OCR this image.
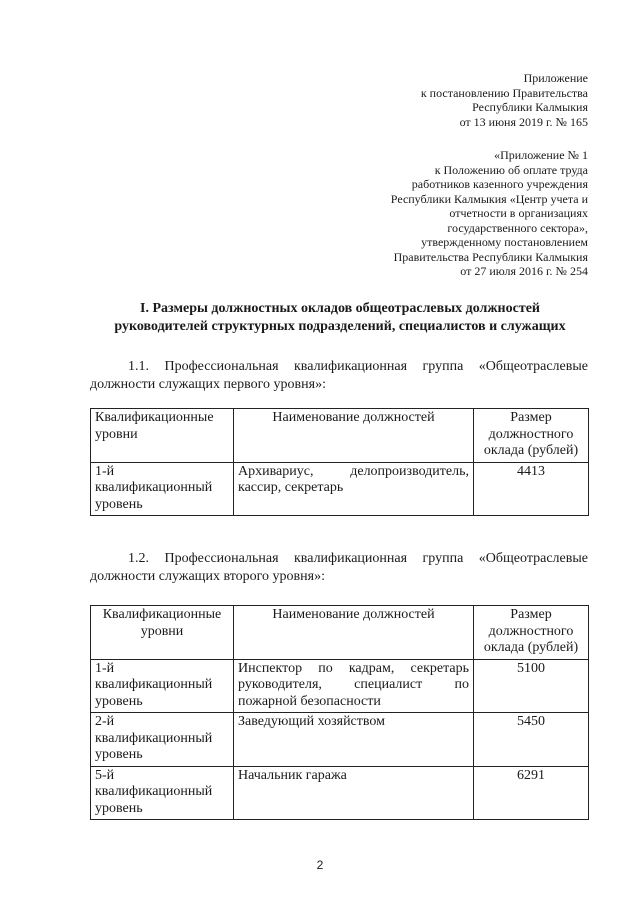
Приложение
к постановлению Правительства
Республики Калмыкия
от 13 июня 2019 г. № 165
«Приложение № 1
к Положению об оплате труда
работников казенного учреждения
Республики Калмыкия «Центр учета и
отчетности в организациях
государственного сектора»,
утвержденному постановлением
Правительства Республики Калмыкия
от 27 июля 2016 г. № 254
I. Размеры должностных окладов общеотраслевых должностей
руководителей структурных подразделений, специалистов и служащих
1.1. Профессиональная квалификационная группа «Общеотраслевые
должности служащих первого уровня»:
Квалификационные уровни	Наименование должностей	Размер должностного оклада (рублей)
1-й квалификационный уровень	Архивариус, делопроизводитель, кассир, секретарь	4413
1.2. Профессиональная квалификационная группа «Общеотраслевые
должности служащих второго уровня»:
Квалификационные уровни	Наименование должностей	Размер должностного оклада (рублей)
1-й квалификационный уровень	Инспектор по кадрам, секретарь руководителя, специалист по пожарной безопасности	5100
2-й квалификационный уровень	Заведующий хозяйством	5450
5-й квалификационный уровень	Начальник гаража	6291
2
